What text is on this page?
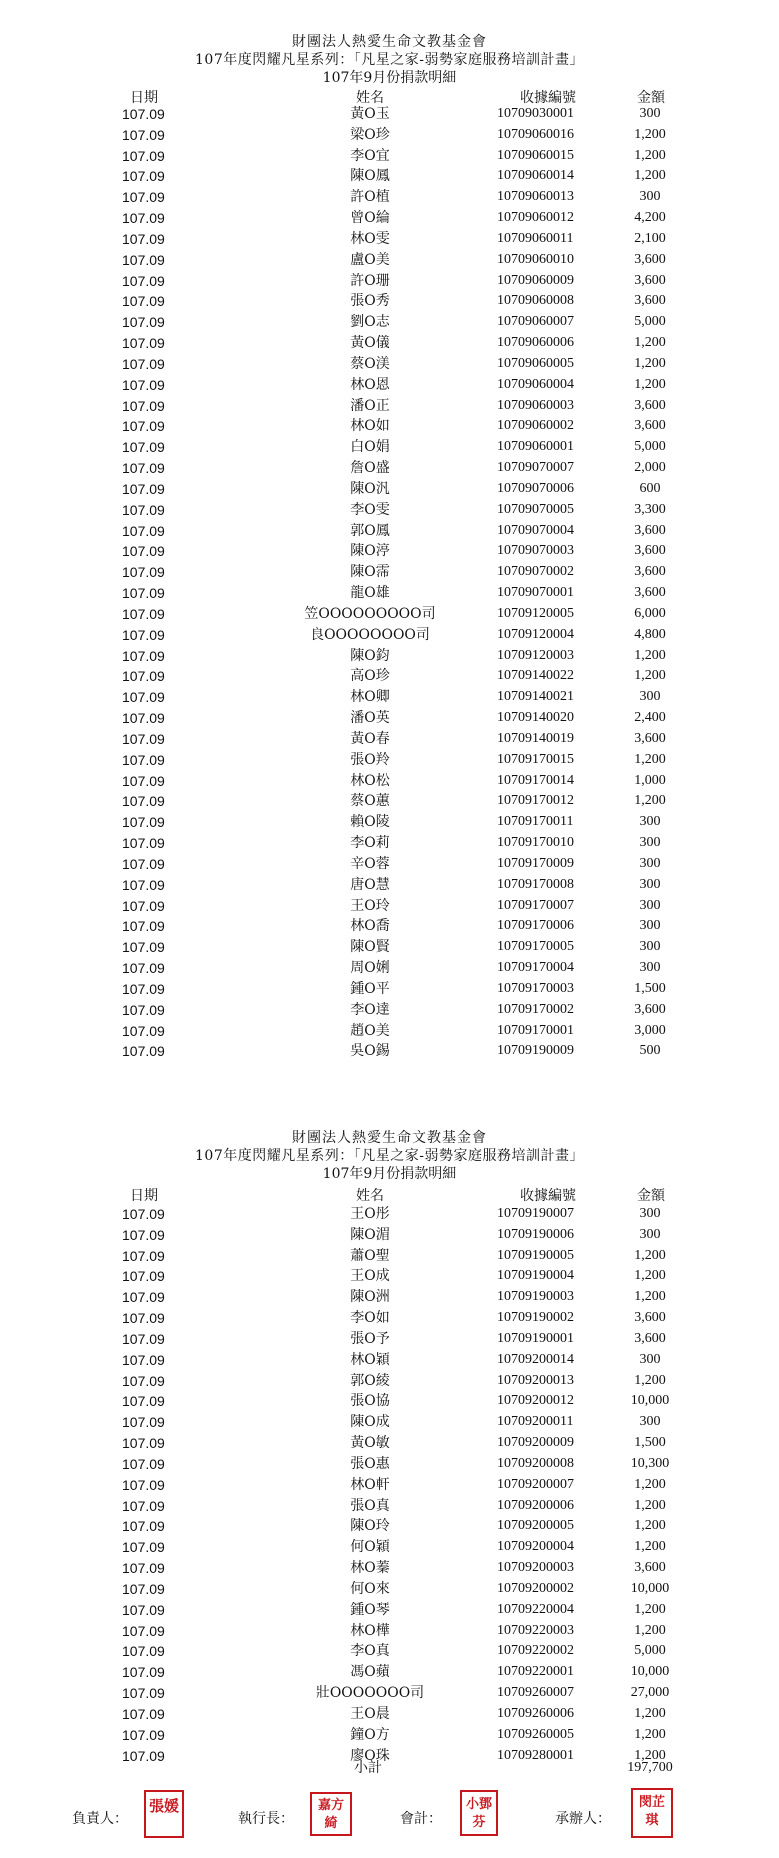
財團法人熱愛生命文教基金會
107年度閃耀凡星系列：「凡星之家-弱勢家庭服務培訓計畫」
107年9月份捐款明細
日期	姓名	收據編號	金額
107.09	黃O玉	10709030001	300
107.09	梁O珍	10709060016	1,200
107.09	李O宜	10709060015	1,200
107.09	陳O鳳	10709060014	1,200
107.09	許O植	10709060013	300
107.09	曾O綸	10709060012	4,200
107.09	林O雯	10709060011	2,100
107.09	盧O美	10709060010	3,600
107.09	許O珊	10709060009	3,600
107.09	張O秀	10709060008	3,600
107.09	劉O志	10709060007	5,000
107.09	黃O儀	10709060006	1,200
107.09	蔡O渼	10709060005	1,200
107.09	林O恩	10709060004	1,200
107.09	潘O正	10709060003	3,600
107.09	林O如	10709060002	3,600
107.09	白O娟	10709060001	5,000
107.09	詹O盛	10709070007	2,000
107.09	陳O汎	10709070006	600
107.09	李O雯	10709070005	3,300
107.09	郭O鳳	10709070004	3,600
107.09	陳O渟	10709070003	3,600
107.09	陳O霈	10709070002	3,600
107.09	龍O雄	10709070001	3,600
107.09	笠OOOOOOOOO司	10709120005	6,000
107.09	良OOOOOOOO司	10709120004	4,800
107.09	陳O鈞	10709120003	1,200
107.09	高O珍	10709140022	1,200
107.09	林O卿	10709140021	300
107.09	潘O英	10709140020	2,400
107.09	黃O春	10709140019	3,600
107.09	張O羚	10709170015	1,200
107.09	林O松	10709170014	1,000
107.09	蔡O蕙	10709170012	1,200
107.09	賴O陵	10709170011	300
107.09	李O莉	10709170010	300
107.09	辛O蓉	10709170009	300
107.09	唐O慧	10709170008	300
107.09	王O玲	10709170007	300
107.09	林O喬	10709170006	300
107.09	陳O賢	10709170005	300
107.09	周O娳	10709170004	300
107.09	鍾O平	10709170003	1,500
107.09	李O達	10709170002	3,600
107.09	趙O美	10709170001	3,000
107.09	吳O錫	10709190009	500
財團法人熱愛生命文教基金會
107年度閃耀凡星系列：「凡星之家-弱勢家庭服務培訓計畫」
107年9月份捐款明細
日期	姓名	收據編號	金額
107.09	王O彤	10709190007	300
107.09	陳O湄	10709190006	300
107.09	蕭O聖	10709190005	1,200
107.09	王O成	10709190004	1,200
107.09	陳O洲	10709190003	1,200
107.09	李O如	10709190002	3,600
107.09	張O予	10709190001	3,600
107.09	林O穎	10709200014	300
107.09	郭O綾	10709200013	1,200
107.09	張O協	10709200012	10,000
107.09	陳O成	10709200011	300
107.09	黃O敏	10709200009	1,500
107.09	張O惠	10709200008	10,300
107.09	林O軒	10709200007	1,200
107.09	張O真	10709200006	1,200
107.09	陳O玲	10709200005	1,200
107.09	何O穎	10709200004	1,200
107.09	林O蓁	10709200003	3,600
107.09	何O來	10709200002	10,000
107.09	鍾O琴	10709220004	1,200
107.09	林O樺	10709220003	1,200
107.09	李O真	10709220002	5,000
107.09	馮O蘋	10709220001	10,000
107.09	壯OOOOOOO司	10709260007	27,000
107.09	王O晨	10709260006	1,200
107.09	鐘O方	10709260005	1,200
107.09	廖O珠	10709280001	1,200
小計	197,700
負責人：
張媛
執行長：
嘉方綺	會計：
小鄧芬	承辦人：
閔芷琪
